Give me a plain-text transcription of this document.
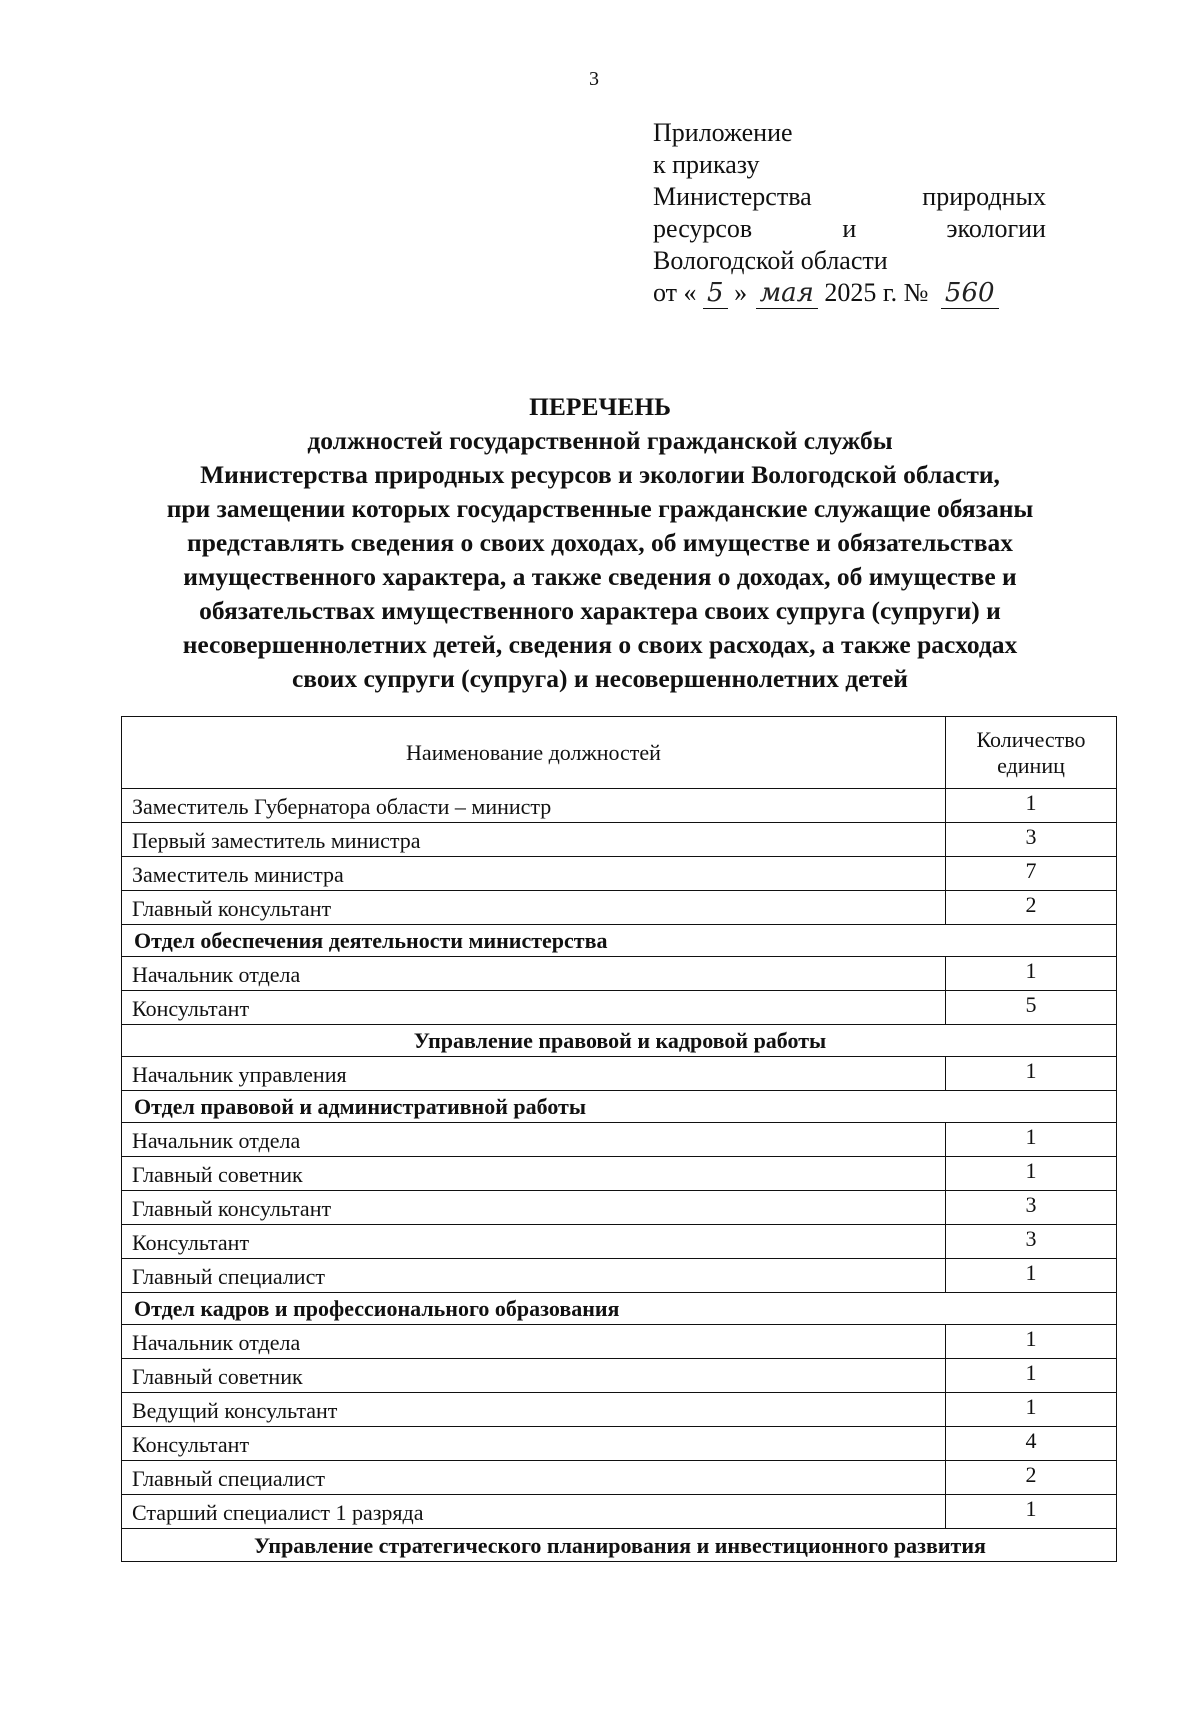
3
Приложение
к приказу
Министерства	природных
ресурсов	и	экологии
Вологодской области
от « 5 » мая 2025 г. № 560
ПЕРЕЧЕНЬ
должностей государственной гражданской службы
Министерства природных ресурсов и экологии Вологодской области,
при замещении которых государственные гражданские служащие обязаны
представлять сведения о своих доходах, об имуществе и обязательствах
имущественного характера, а также сведения о доходах, об имуществе и
обязательствах имущественного характера своих супруга (супруги) и
несовершеннолетних детей, сведения о своих расходах, а также расходах
своих супруги (супруга) и несовершеннолетних детей
Наименование должностей	Количество
единиц
Заместитель Губернатора области – министр	1
Первый заместитель министра	3
Заместитель министра	7
Главный консультант	2
Отдел обеспечения деятельности министерства
Начальник отдела	1
Консультант	5
Управление правовой и кадровой работы
Начальник управления	1
Отдел правовой и административной работы
Начальник отдела	1
Главный советник	1
Главный консультант	3
Консультант	3
Главный специалист	1
Отдел кадров и профессионального образования
Начальник отдела	1
Главный советник	1
Ведущий консультант	1
Консультант	4
Главный специалист	2
Старший специалист 1 разряда	1
Управление стратегического планирования и инвестиционного развития
